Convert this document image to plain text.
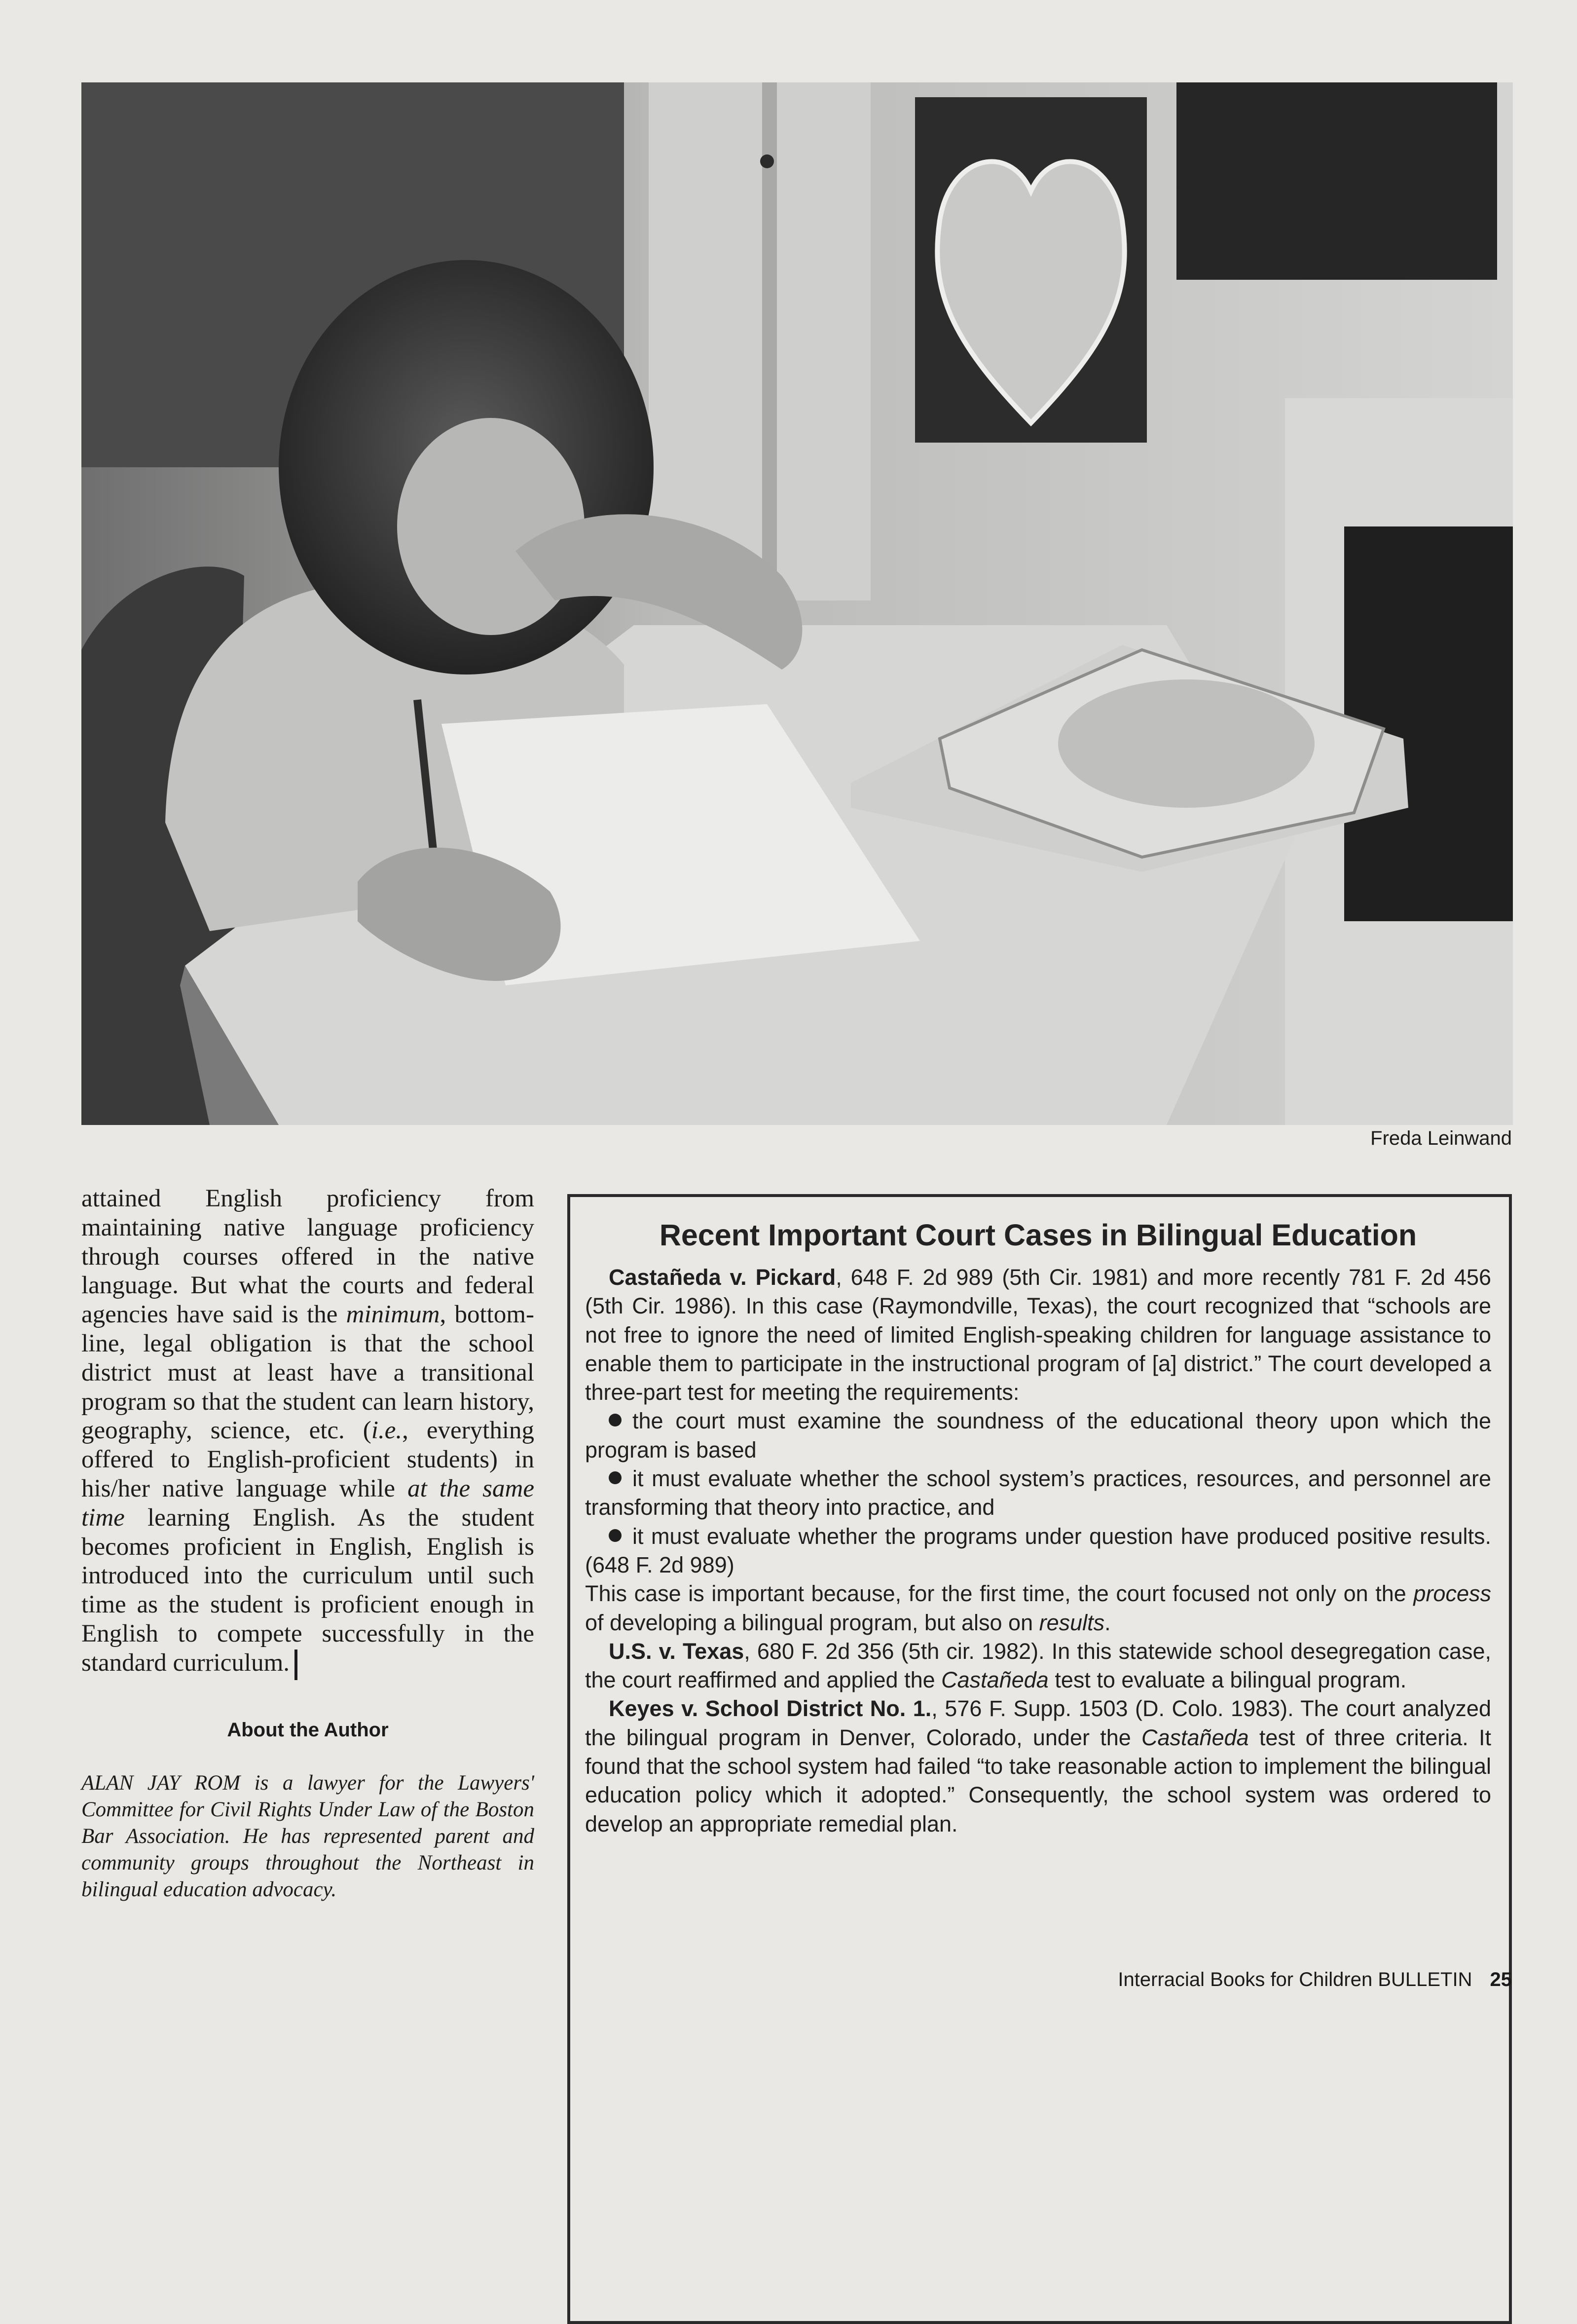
Freda Leinwand

attained English proficiency from maintaining native language proficiency through courses offered in the native language. But what the courts and federal agencies have said is the minimum, bottom-line, legal obligation is that the school district must at least have a transitional program so that the student can learn history, geography, science, etc. (i.e., everything offered to English-proficient students) in his/her native language while at the same time learning English. As the student becomes proficient in English, English is introduced into the curriculum until such time as the student is proficient enough in English to compete successfully in the standard curriculum.

About the Author

ALAN JAY ROM is a lawyer for the Lawyers' Committee for Civil Rights Under Law of the Boston Bar Association. He has represented parent and community groups throughout the Northeast in bilingual education advocacy.

Recent Important Court Cases in Bilingual Education

Castañeda v. Pickard, 648 F. 2d 989 (5th Cir. 1981) and more recently 781 F. 2d 456 (5th Cir. 1986). In this case (Raymondville, Texas), the court recognized that “schools are not free to ignore the need of limited English-speaking children for language assistance to enable them to participate in the instructional program of [a] district.” The court developed a three-part test for meeting the requirements:

the court must examine the soundness of the educational theory upon which the program is based

it must evaluate whether the school system’s practices, resources, and personnel are transforming that theory into practice, and

it must evaluate whether the programs under question have produced positive results. (648 F. 2d 989)

This case is important because, for the first time, the court focused not only on the process of developing a bilingual program, but also on results.

U.S. v. Texas, 680 F. 2d 356 (5th cir. 1982). In this statewide school desegregation case, the court reaffirmed and applied the Castañeda test to evaluate a bilingual program.

Keyes v. School District No. 1., 576 F. Supp. 1503 (D. Colo. 1983). The court analyzed the bilingual program in Denver, Colorado, under the Castañeda test of three criteria. It found that the school system had failed “to take reasonable action to implement the bilingual education policy which it adopted.” Consequently, the school system was ordered to develop an appropriate remedial plan.

Interracial Books for Children BULLETIN 25
